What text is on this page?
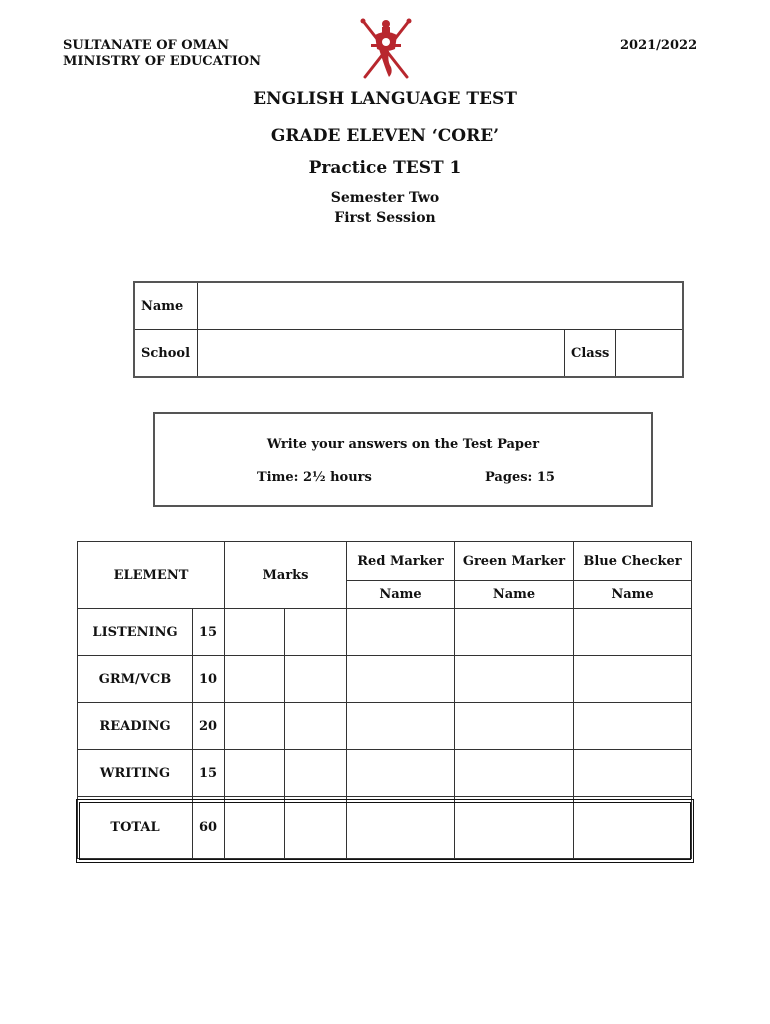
SULTANATE OF OMAN
MINISTRY OF EDUCATION
2021/2022
ENGLISH LANGUAGE TEST
GRADE ELEVEN ‘CORE’
Practice TEST 1
Semester Two
First Session
Name			
School		Class	
Write your answers on the Test Paper
Time: 2½ hours	Pages: 15
ELEMENT		Marks		Red Marker	Green Marker	Blue Checker
				Name	Name	Name
LISTENING	15					
GRM/VCB	10					
READING	20					
WRITING	15					
TOTAL	60					
